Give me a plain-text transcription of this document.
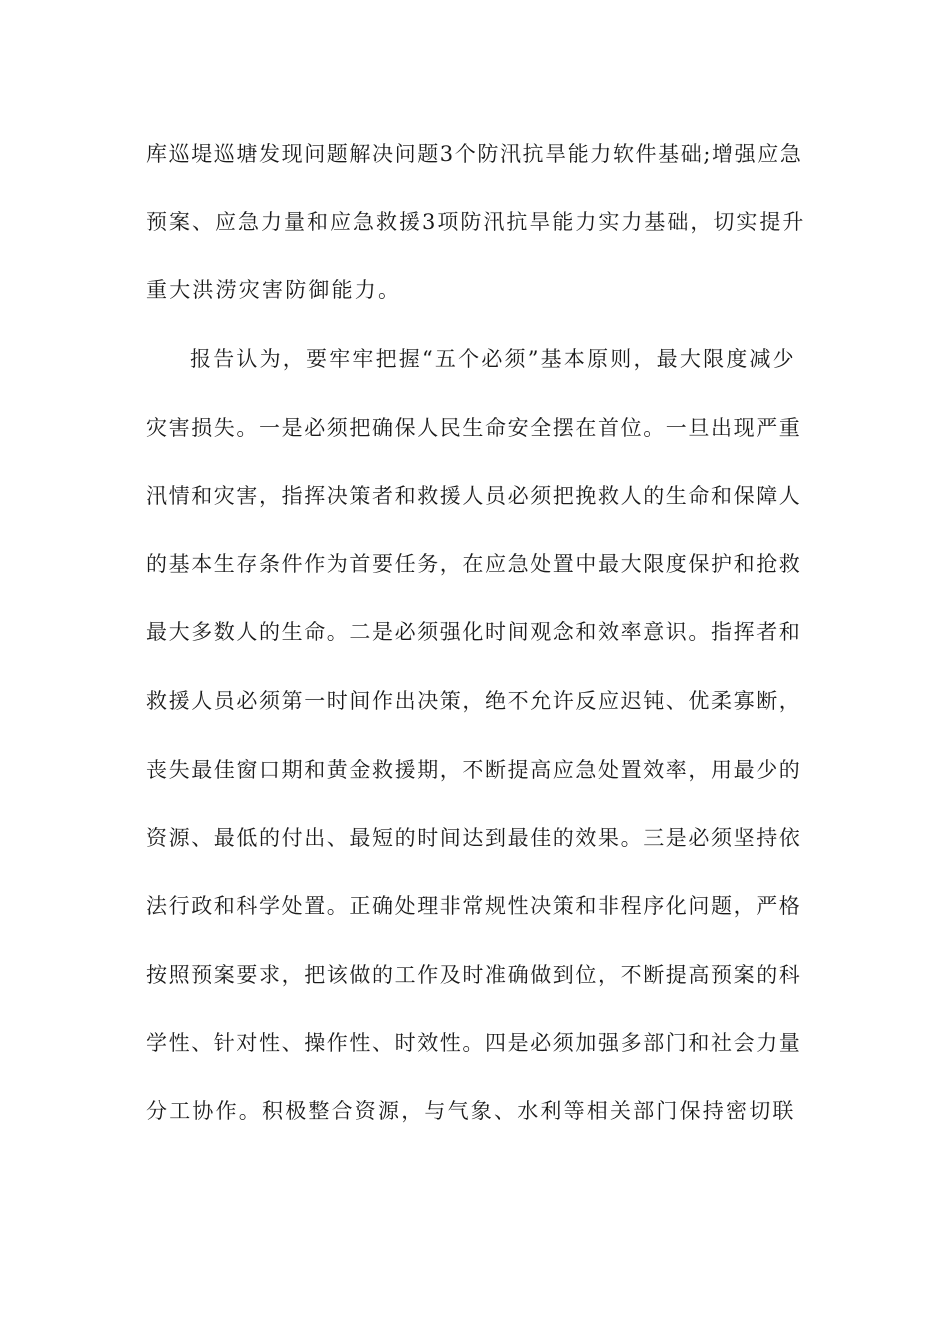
库巡堤巡塘发现问题解决问题3个防汛抗旱能力软件基础;增强应急
预案、应急力量和应急救援3项防汛抗旱能力实力基础，切实提升
重大洪涝灾害防御能力。
报告认为，要牢牢把握“五个必须”基本原则，最大限度减少
灾害损失。一是必须把确保人民生命安全摆在首位。一旦出现严重
汛情和灾害，指挥决策者和救援人员必须把挽救人的生命和保障人
的基本生存条件作为首要任务，在应急处置中最大限度保护和抢救
最大多数人的生命。二是必须强化时间观念和效率意识。指挥者和
救援人员必须第一时间作出决策，绝不允许反应迟钝、优柔寡断，
丧失最佳窗口期和黄金救援期，不断提高应急处置效率，用最少的
资源、最低的付出、最短的时间达到最佳的效果。三是必须坚持依
法行政和科学处置。正确处理非常规性决策和非程序化问题，严格
按照预案要求，把该做的工作及时准确做到位，不断提高预案的科
学性、针对性、操作性、时效性。四是必须加强多部门和社会力量
分工协作。积极整合资源，与气象、水利等相关部门保持密切联
